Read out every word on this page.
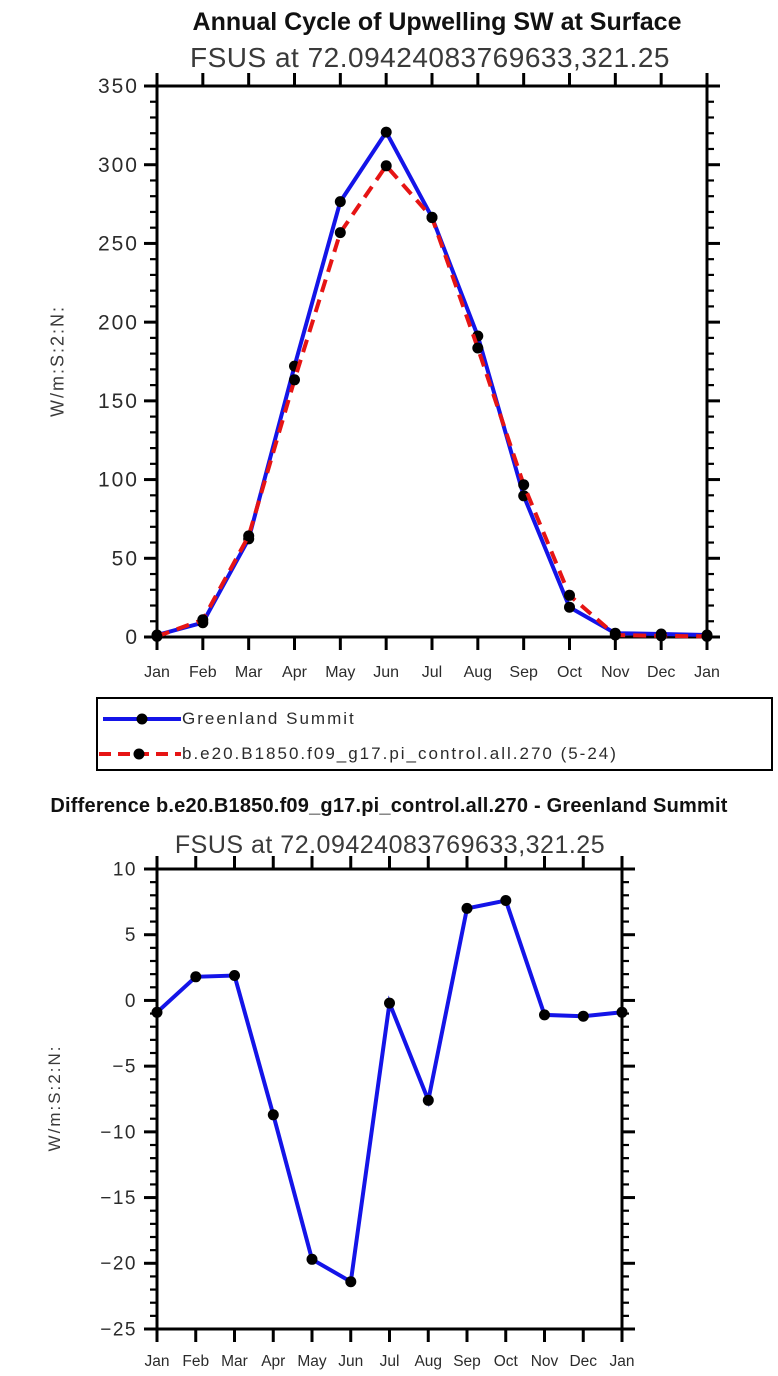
Annual Cycle of Upwelling SW at Surface
FSUS at 72.09424083769633,321.25
Difference b.e20.B1850.f09_g17.pi_control.all.270 - Greenland Summit
FSUS at 72.09424083769633,321.25
W/m:S:2:N:
W/m:S:2:N:
0
50
100
150
200
250
300
350
Jan Feb Mar Apr May Jun Jul Aug Sep Oct Nov Dec Jan
−25
−20
−15
−10
−5
0
5
10
Jan Feb Mar Apr May Jun Jul Aug Sep Oct Nov Dec Jan
Greenland Summit
b.e20.B1850.f09_g17.pi_control.all.270 (5-24)
